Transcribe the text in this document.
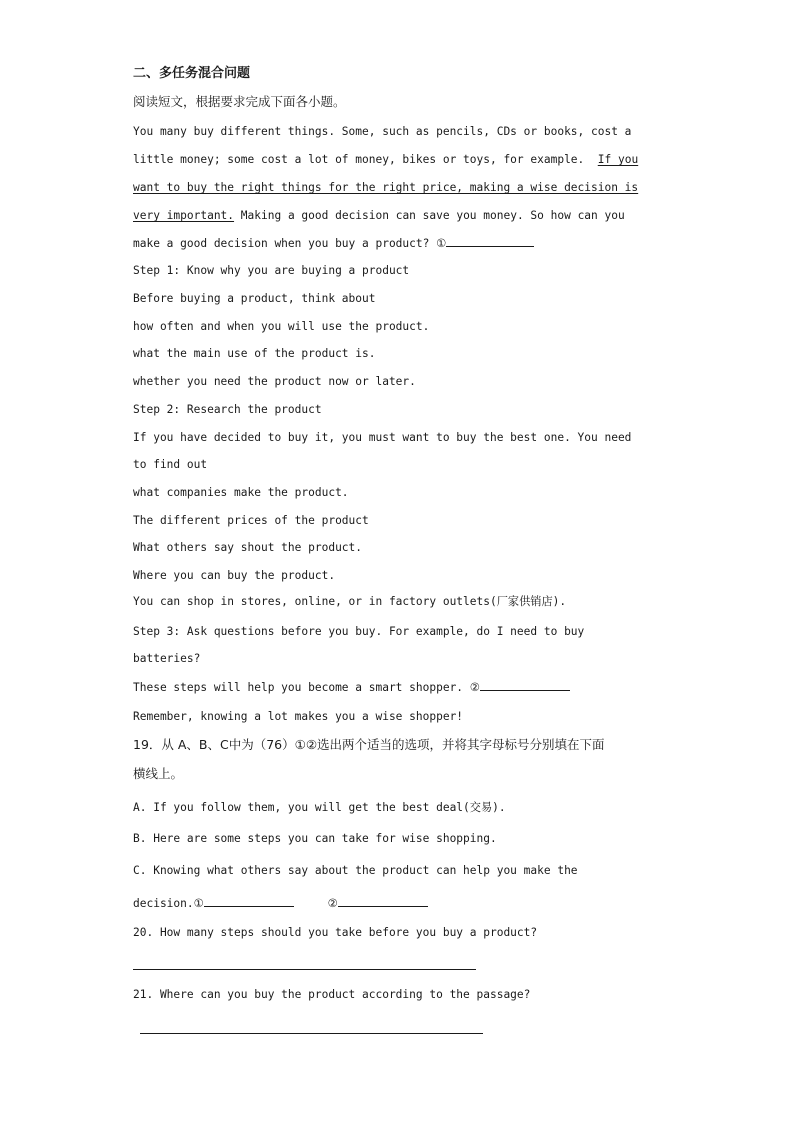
二、多任务混合问题
阅读短文，根据要求完成下面各小题。
You many buy different things. Some, such as pencils, CDs or books, cost a
little money; some cost a lot of money, bikes or toys, for example. If you
want to buy the right things for the right price, making a wise decision is
very important. Making a good decision can save you money. So how can you
make a good decision when you buy a product? ①
Step 1: Know why you are buying a product
Before buying a product, think about
how often and when you will use the product.
what the main use of the product is.
whether you need the product now or later.
Step 2: Research the product
If you have decided to buy it, you must want to buy the best one. You need
to find out
what companies make the product.
The different prices of the product
What others say shout the product.
Where you can buy the product.
You can shop in stores, online, or in factory outlets(厂家供销店).
Step 3: Ask questions before you buy. For example, do I need to buy
batteries?
These steps will help you become a smart shopper. ②
Remember, knowing a lot makes you a wise shopper!
19．从 A、B、C中为（76）①②选出两个适当的选项，并将其字母标号分别填在下面
横线上。
A. If you follow them, you will get the best deal(交易).
B. Here are some steps you can take for wise shopping.
C. Knowing what others say about the product can help you make the
decision.①	②
20. How many steps should you take before you buy a product?
21. Where can you buy the product according to the passage?
